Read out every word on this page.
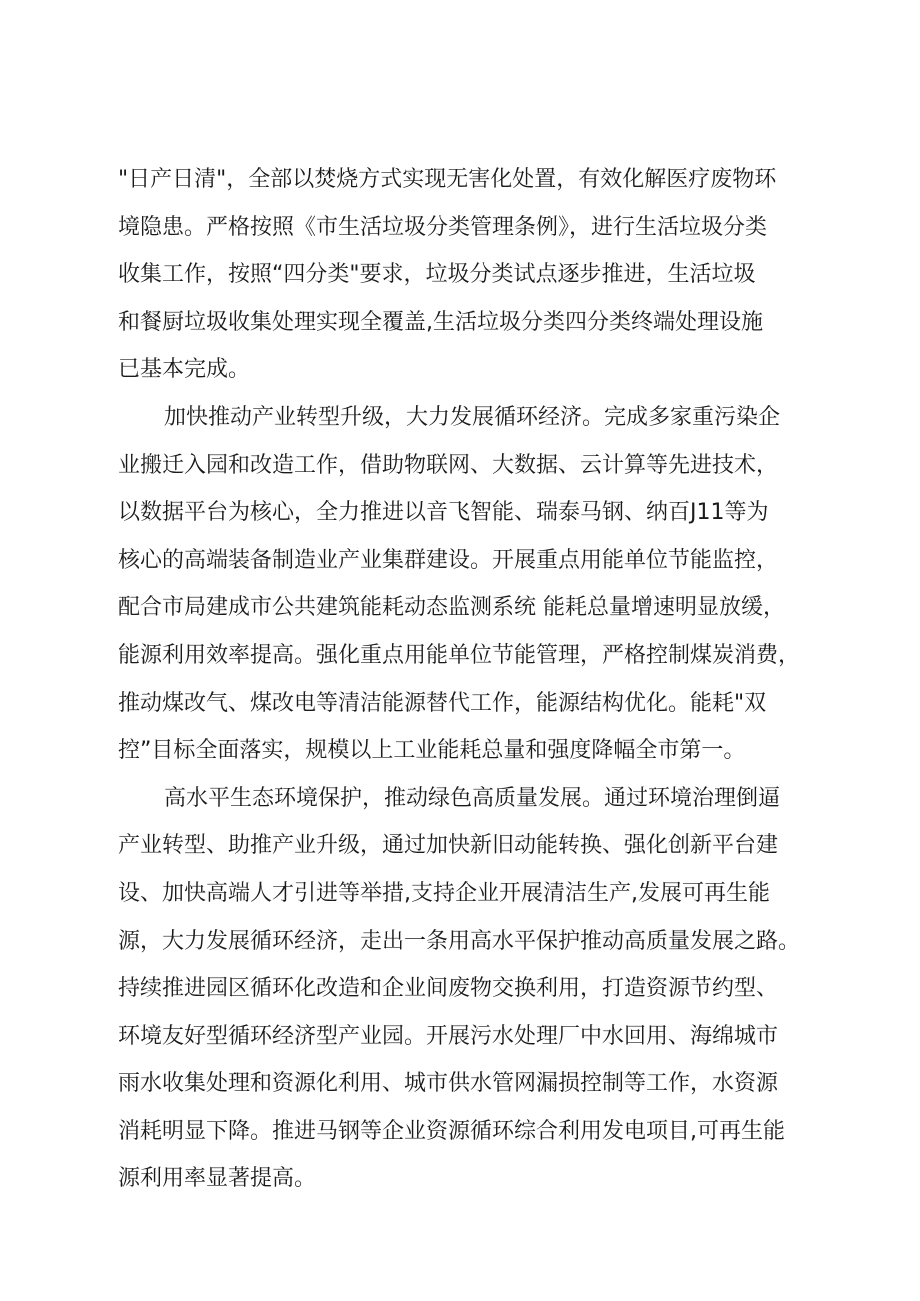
"日产日清"，全部以焚烧方式实现无害化处置，有效化解医疗废物环
境隐患。严格按照《市生活垃圾分类管理条例》，进行生活垃圾分类
收集工作，按照“四分类"要求，垃圾分类试点逐步推进，生活垃圾
和餐厨垃圾收集处理实现全覆盖,生活垃圾分类四分类终端处理设施
已基本完成。
加快推动产业转型升级，大力发展循环经济。完成多家重污染企
业搬迁入园和改造工作，借助物联网、大数据、云计算等先进技术，
以数据平台为核心，全力推进以音飞智能、瑞泰马钢、纳百J11等为
核心的高端装备制造业产业集群建设。开展重点用能单位节能监控，
配合市局建成市公共建筑能耗动态监测系统 能耗总量增速明显放缓，
能源利用效率提高。强化重点用能单位节能管理，严格控制煤炭消费，
推动煤改气、煤改电等清洁能源替代工作，能源结构优化。能耗"双
控”目标全面落实，规模以上工业能耗总量和强度降幅全市第一。
高水平生态环境保护，推动绿色高质量发展。通过环境治理倒逼
产业转型、助推产业升级，通过加快新旧动能转换、强化创新平台建
设、加快高端人才引进等举措,支持企业开展清洁生产,发展可再生能
源，大力发展循环经济，走出一条用高水平保护推动高质量发展之路。
持续推进园区循环化改造和企业间废物交换利用，打造资源节约型、
环境友好型循环经济型产业园。开展污水处理厂中水回用、海绵城市
雨水收集处理和资源化利用、城市供水管网漏损控制等工作，水资源
消耗明显下降。推进马钢等企业资源循环综合利用发电项目,可再生能
源利用率显著提高。
